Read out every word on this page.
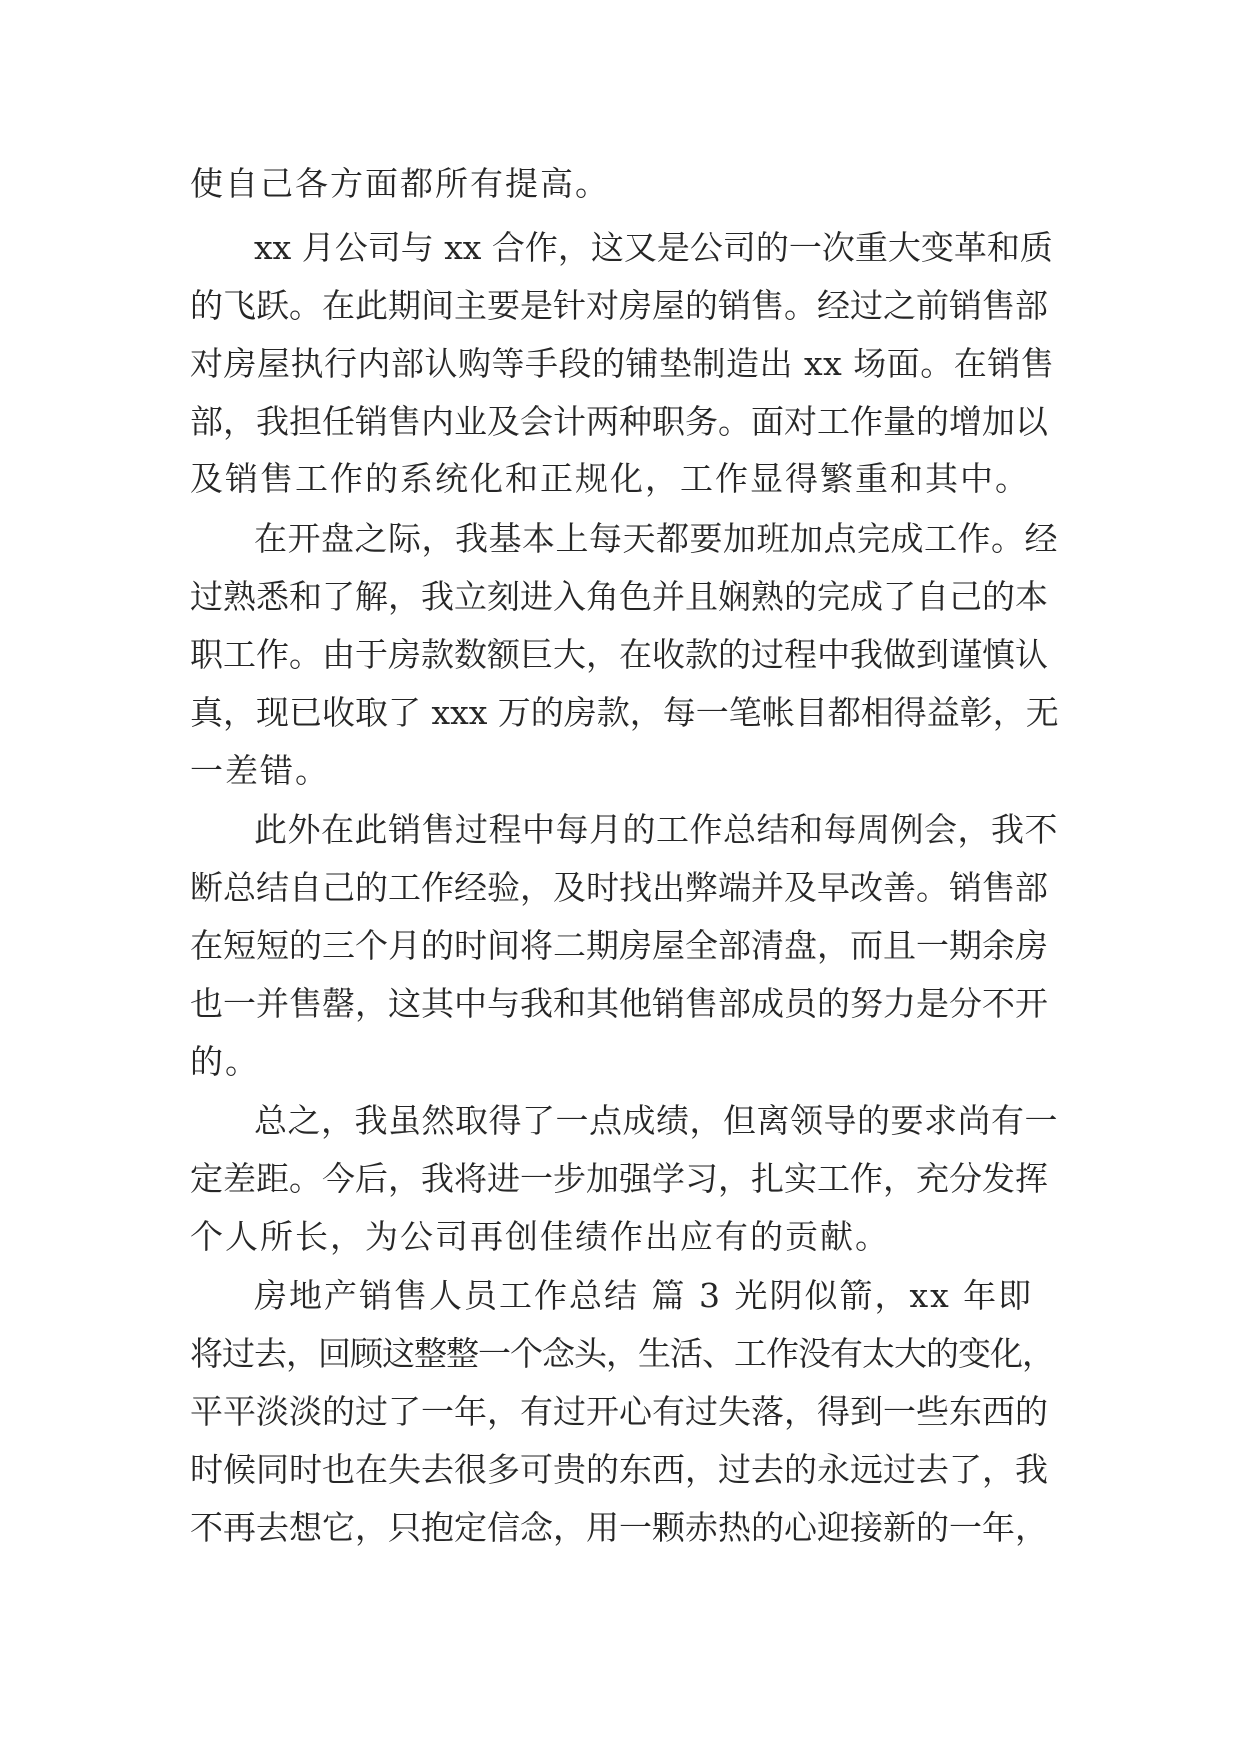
使自己各方面都所有提高。
xx 月公司与 xx 合作，这又是公司的一次重大变革和质
的飞跃。在此期间主要是针对房屋的销售。经过之前销售部
对房屋执行内部认购等手段的铺垫制造出 xx 场面。在销售
部，我担任销售内业及会计两种职务。面对工作量的增加以
及销售工作的系统化和正规化，工作显得繁重和其中。
在开盘之际，我基本上每天都要加班加点完成工作。经
过熟悉和了解，我立刻进入角色并且娴熟的完成了自己的本
职工作。由于房款数额巨大，在收款的过程中我做到谨慎认
真，现已收取了 xxx 万的房款，每一笔帐目都相得益彰，无
一差错。
此外在此销售过程中每月的工作总结和每周例会，我不
断总结自己的工作经验，及时找出弊端并及早改善。销售部
在短短的三个月的时间将二期房屋全部清盘，而且一期余房
也一并售罄，这其中与我和其他销售部成员的努力是分不开
的。
总之，我虽然取得了一点成绩，但离领导的要求尚有一
定差距。今后，我将进一步加强学习，扎实工作，充分发挥
个人所长，为公司再创佳绩作出应有的贡献。
房地产销售人员工作总结 篇 3 光阴似箭，xx 年即
将过去，回顾这整整一个念头，生活、工作没有太大的变化，
平平淡淡的过了一年，有过开心有过失落，得到一些东西的
时候同时也在失去很多可贵的东西，过去的永远过去了，我
不再去想它，只抱定信念，用一颗赤热的心迎接新的一年，
